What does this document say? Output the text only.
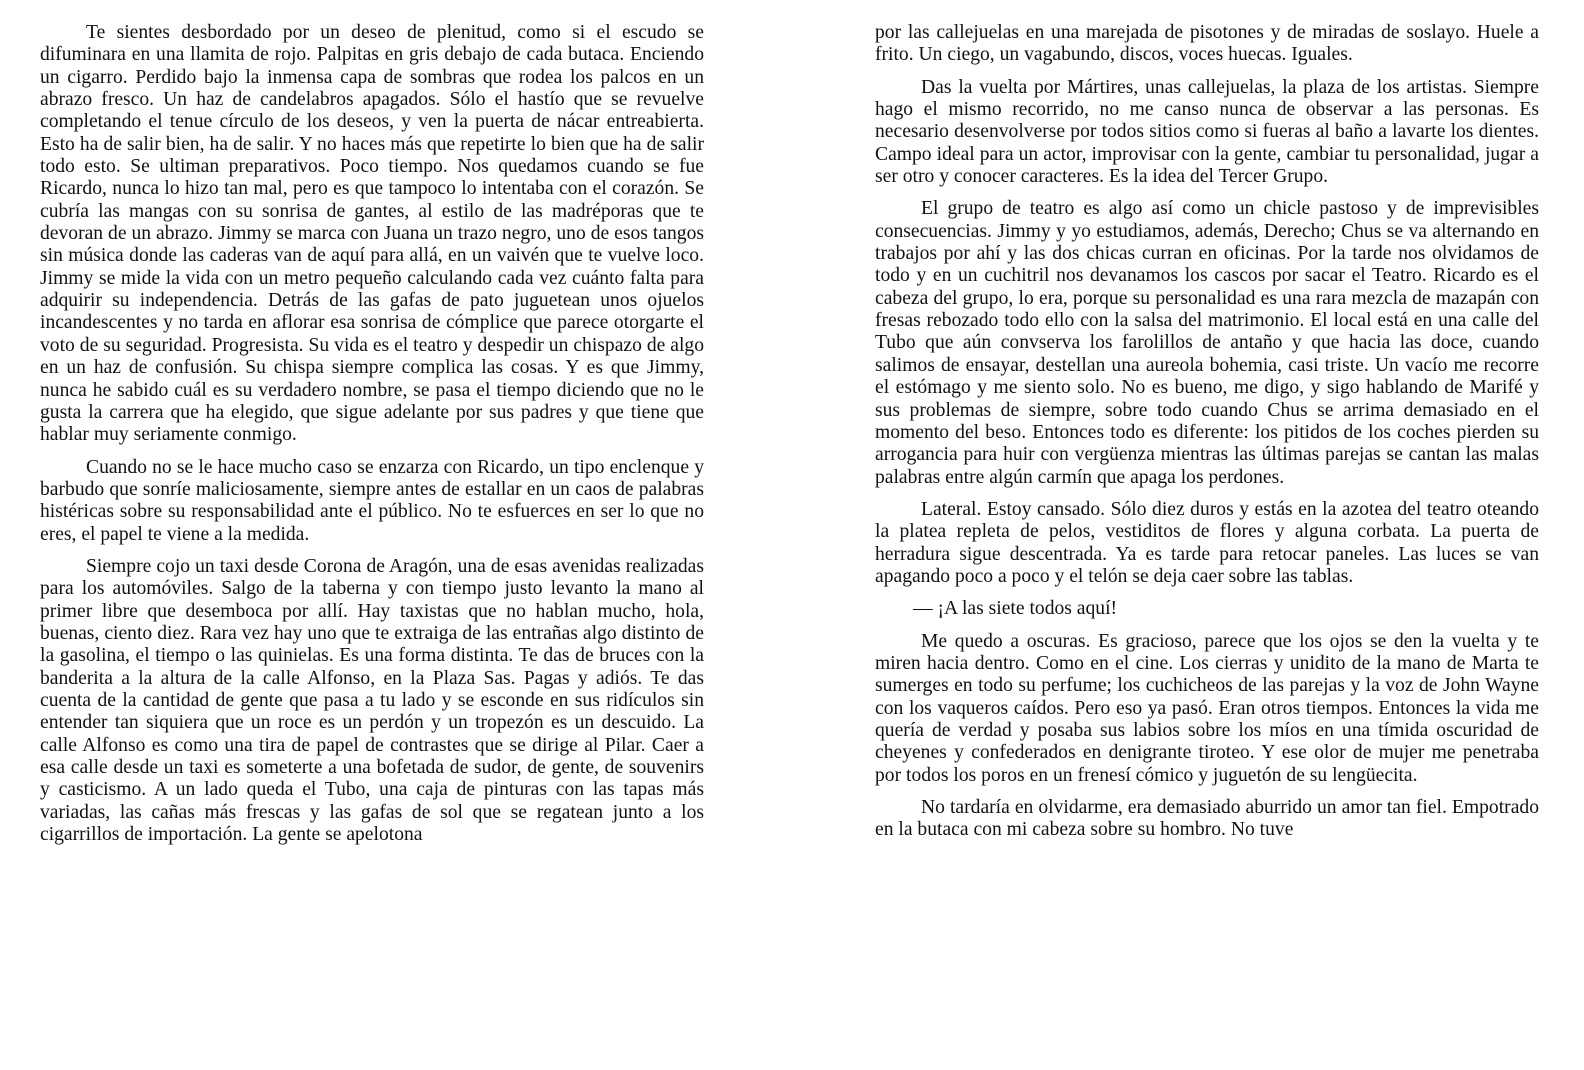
Te sientes desbordado por un deseo de plenitud, como si el escudo se difuminara en una llamita de rojo. Palpitas en gris debajo de cada butaca. Enciendo un cigarro. Perdido bajo la inmensa capa de sombras que rodea los palcos en un abrazo fresco. Un haz de candelabros apagados. Sólo el hastío que se revuelve completando el tenue círculo de los deseos, y ven la puerta de nácar entreabierta. Esto ha de salir bien, ha de salir. Y no haces más que repetirte lo bien que ha de salir todo esto. Se ultiman preparativos. Poco tiempo. Nos quedamos cuando se fue Ricardo, nunca lo hizo tan mal, pero es que tampoco lo intentaba con el corazón. Se cubría las mangas con su sonrisa de gantes, al estilo de las madréporas que te devoran de un abrazo. Jimmy se marca con Juana un trazo negro, uno de esos tangos sin música donde las caderas van de aquí para allá, en un vaivén que te vuelve loco. Jimmy se mide la vida con un metro pequeño calculando cada vez cuánto falta para adquirir su independencia. Detrás de las gafas de pato juguetean unos ojuelos incandescentes y no tarda en aflorar esa sonrisa de cómplice que parece otorgarte el voto de su seguridad. Progresista. Su vida es el teatro y despedir un chispazo de algo en un haz de confusión. Su chispa siempre complica las cosas. Y es que Jimmy, nunca he sabido cuál es su verdadero nombre, se pasa el tiempo diciendo que no le gusta la carrera que ha elegido, que sigue adelante por sus padres y que tiene que hablar muy seriamente conmigo.

Cuando no se le hace mucho caso se enzarza con Ricardo, un tipo enclenque y barbudo que sonríe maliciosamente, siempre antes de estallar en un caos de palabras histéricas sobre su responsabilidad ante el público. No te esfuerces en ser lo que no eres, el papel te viene a la medida.

Siempre cojo un taxi desde Corona de Aragón, una de esas avenidas realizadas para los automóviles. Salgo de la taberna y con tiempo justo levanto la mano al primer libre que desemboca por allí. Hay taxistas que no hablan mucho, hola, buenas, ciento diez. Rara vez hay uno que te extraiga de las entrañas algo distinto de la gasolina, el tiempo o las quinielas. Es una forma distinta. Te das de bruces con la banderita a la altura de la calle Alfonso, en la Plaza Sas. Pagas y adiós. Te das cuenta de la cantidad de gente que pasa a tu lado y se esconde en sus ridículos sin entender tan siquiera que un roce es un perdón y un tropezón es un descuido. La calle Alfonso es como una tira de papel de contrastes que se dirige al Pilar. Caer a esa calle desde un taxi es someterte a una bofetada de sudor, de gente, de souvenirs y casticismo. A un lado queda el Tubo, una caja de pinturas con las tapas más variadas, las cañas más frescas y las gafas de sol que se regatean junto a los cigarrillos de importación. La gente se apelotona

por las callejuelas en una marejada de pisotones y de miradas de soslayo. Huele a frito. Un ciego, un vagabundo, discos, voces huecas. Iguales.

Das la vuelta por Mártires, unas callejuelas, la plaza de los artistas. Siempre hago el mismo recorrido, no me canso nunca de observar a las personas. Es necesario desenvolverse por todos sitios como si fueras al baño a lavarte los dientes. Campo ideal para un actor, improvisar con la gente, cambiar tu personalidad, jugar a ser otro y conocer caracteres. Es la idea del Tercer Grupo.

El grupo de teatro es algo así como un chicle pastoso y de imprevisibles consecuencias. Jimmy y yo estudiamos, además, Derecho; Chus se va alternando en trabajos por ahí y las dos chicas curran en oficinas. Por la tarde nos olvidamos de todo y en un cuchitril nos devanamos los cascos por sacar el Teatro. Ricardo es el cabeza del grupo, lo era, porque su personalidad es una rara mezcla de mazapán con fresas rebozado todo ello con la salsa del matrimonio. El local está en una calle del Tubo que aún convserva los farolillos de antaño y que hacia las doce, cuando salimos de ensayar, destellan una aureola bohemia, casi triste. Un vacío me recorre el estómago y me siento solo. No es bueno, me digo, y sigo hablando de Marifé y sus problemas de siempre, sobre todo cuando Chus se arrima demasiado en el momento del beso. Entonces todo es diferente: los pitidos de los coches pierden su arrogancia para huir con vergüenza mientras las últimas parejas se cantan las malas palabras entre algún carmín que apaga los perdones.

Lateral. Estoy cansado. Sólo diez duros y estás en la azotea del teatro oteando la platea repleta de pelos, vestiditos de flores y alguna corbata. La puerta de herradura sigue descentrada. Ya es tarde para retocar paneles. Las luces se van apagando poco a poco y el telón se deja caer sobre las tablas.

— ¡A las siete todos aquí!

Me quedo a oscuras. Es gracioso, parece que los ojos se den la vuelta y te miren hacia dentro. Como en el cine. Los cierras y unidito de la mano de Marta te sumerges en todo su perfume; los cuchicheos de las parejas y la voz de John Wayne con los vaqueros caídos. Pero eso ya pasó. Eran otros tiempos. Entonces la vida me quería de verdad y posaba sus labios sobre los míos en una tímida oscuridad de cheyenes y confederados en denigrante tiroteo. Y ese olor de mujer me penetraba por todos los poros en un frenesí cómico y juguetón de su lengüecita.

No tardaría en olvidarme, era demasiado aburrido un amor tan fiel. Empotrado en la butaca con mi cabeza sobre su hombro. No tuve
